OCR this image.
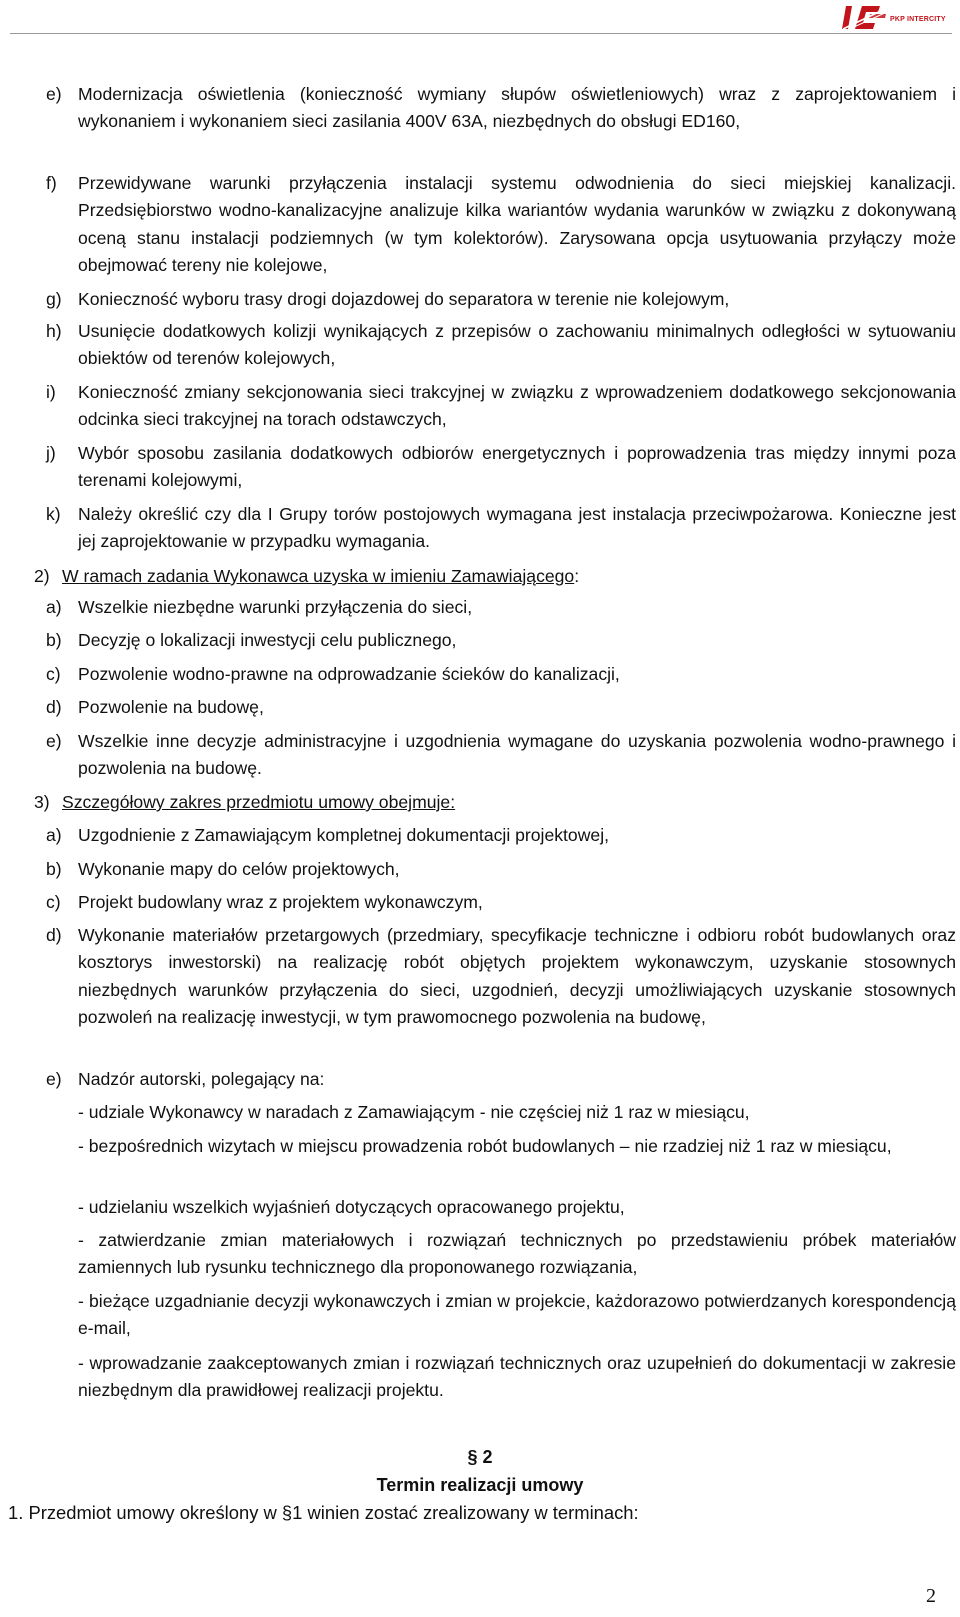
PKP INTERCITY
e) Modernizacja oświetlenia (konieczność wymiany słupów oświetleniowych) wraz z zaprojektowaniem i wykonaniem i wykonaniem sieci zasilania 400V 63A, niezbędnych do obsługi ED160,
f) Przewidywane warunki przyłączenia instalacji systemu odwodnienia do sieci miejskiej kanalizacji. Przedsiębiorstwo wodno-kanalizacyjne analizuje kilka wariantów wydania warunków w związku z dokonywaną oceną stanu instalacji podziemnych (w tym kolektorów). Zarysowana opcja usytuowania przyłączy może obejmować tereny nie kolejowe,
g) Konieczność wyboru trasy drogi dojazdowej do separatora w terenie nie kolejowym,
h) Usunięcie dodatkowych kolizji wynikających z przepisów o zachowaniu minimalnych odległości w sytuowaniu obiektów od terenów kolejowych,
i) Konieczność zmiany sekcjonowania sieci trakcyjnej w związku z wprowadzeniem dodatkowego sekcjonowania odcinka sieci trakcyjnej na torach odstawczych,
j) Wybór sposobu zasilania dodatkowych odbiorów energetycznych i poprowadzenia tras między innymi poza terenami kolejowymi,
k) Należy określić czy dla I Grupy torów postojowych wymagana jest instalacja przeciwpożarowa. Konieczne jest jej zaprojektowanie w przypadku wymagania.
2) W ramach zadania Wykonawca uzyska w imieniu Zamawiającego:
a) Wszelkie niezbędne warunki przyłączenia do sieci,
b) Decyzję o lokalizacji inwestycji celu publicznego,
c) Pozwolenie wodno-prawne na odprowadzanie ścieków do kanalizacji,
d) Pozwolenie na budowę,
e) Wszelkie inne decyzje administracyjne i uzgodnienia wymagane do uzyskania pozwolenia wodno-prawnego i pozwolenia na budowę.
3) Szczegółowy zakres przedmiotu umowy obejmuje:
a) Uzgodnienie z Zamawiającym kompletnej dokumentacji projektowej,
b) Wykonanie mapy do celów projektowych,
c) Projekt budowlany wraz z projektem wykonawczym,
d) Wykonanie materiałów przetargowych (przedmiary, specyfikacje techniczne i odbioru robót budowlanych oraz kosztorys inwestorski) na realizację robót objętych projektem wykonawczym, uzyskanie stosownych niezbędnych warunków przyłączenia do sieci, uzgodnień, decyzji umożliwiających uzyskanie stosownych pozwoleń na realizację inwestycji, w tym prawomocnego pozwolenia na budowę,
e) Nadzór autorski, polegający na:
- udziale Wykonawcy w naradach z Zamawiającym - nie częściej niż 1 raz w miesiącu,
- bezpośrednich wizytach w miejscu prowadzenia robót budowlanych – nie rzadziej niż 1 raz w miesiącu,
- udzielaniu wszelkich wyjaśnień dotyczących opracowanego projektu,
- zatwierdzanie zmian materiałowych i rozwiązań technicznych po przedstawieniu próbek materiałów zamiennych lub rysunku technicznego dla proponowanego rozwiązania,
- bieżące uzgadnianie decyzji wykonawczych i zmian w projekcie, każdorazowo potwierdzanych korespondencją e-mail,
- wprowadzanie zaakceptowanych zmian i rozwiązań technicznych oraz uzupełnień do dokumentacji w zakresie niezbędnym dla prawidłowej realizacji projektu.
§ 2
Termin realizacji umowy
1. Przedmiot umowy określony w §1 winien zostać zrealizowany w terminach:
2
